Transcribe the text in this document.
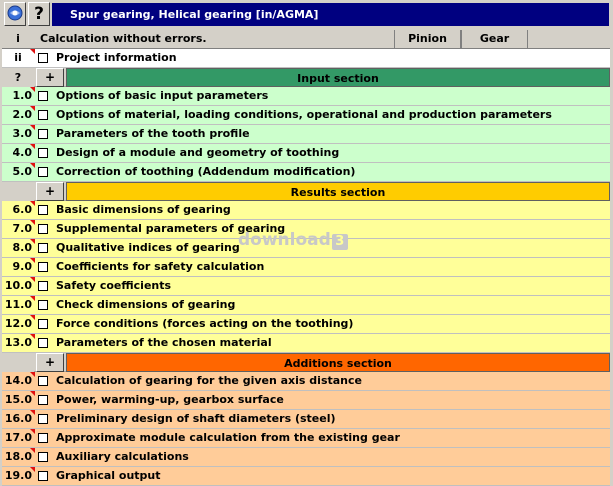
?	Spur gearing, Helical gearing [in/AGMA]
i	Calculation without errors.	Pinion	Gear
ii	Project information
?	+	Input section
1.0 Options of basic input parameters
2.0 Options of material, loading conditions, operational and production parameters
3.0 Parameters of the tooth profile
4.0 Design of a module and geometry of toothing
5.0 Correction of toothing (Addendum modification)
+	Results section
6.0 Basic dimensions of gearing
7.0 Supplemental parameters of gearing
8.0 Qualitative indices of gearing
9.0 Coefficients for safety calculation
10.0 Safety coefficients
11.0 Check dimensions of gearing
12.0 Force conditions (forces acting on the toothing)
13.0 Parameters of the chosen material
+	Additions section
14.0 Calculation of gearing for the given axis distance
15.0 Power, warming-up, gearbox surface
16.0 Preliminary design of shaft diameters (steel)
17.0 Approximate module calculation from the existing gear
18.0 Auxiliary calculations
19.0 Graphical output
download 3
